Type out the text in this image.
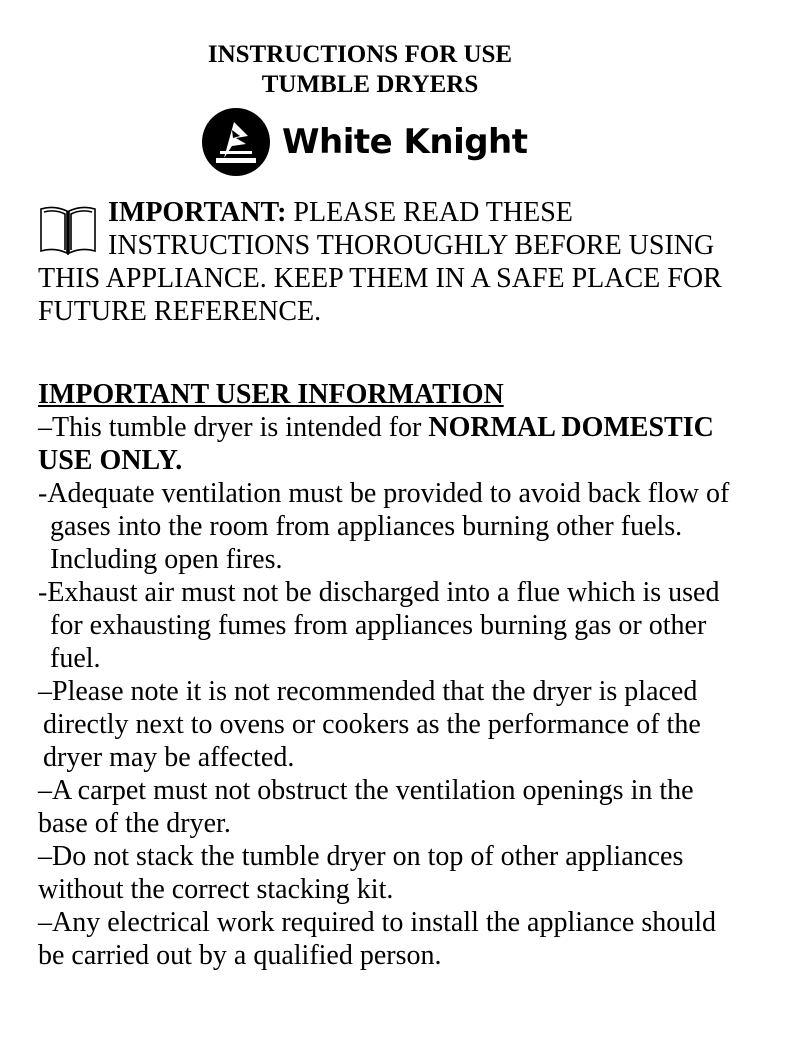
INSTRUCTIONS FOR USE
TUMBLE DRYERS
White Knight
IMPORTANT: PLEASE READ THESE
INSTRUCTIONS THOROUGHLY BEFORE USING
THIS APPLIANCE. KEEP THEM IN A SAFE PLACE FOR
FUTURE REFERENCE.
IMPORTANT USER INFORMATION
–This tumble dryer is intended for NORMAL DOMESTIC
USE ONLY.
-Adequate ventilation must be provided to avoid back flow of
gases into the room from appliances burning other fuels.
Including open fires.
-Exhaust air must not be discharged into a flue which is used
for exhausting fumes from appliances burning gas or other
fuel.
–Please note it is not recommended that the dryer is placed
directly next to ovens or cookers as the performance of the
dryer may be affected.
–A carpet must not obstruct the ventilation openings in the
base of the dryer.
–Do not stack the tumble dryer on top of other appliances
without the correct stacking kit.
–Any electrical work required to install the appliance should
be carried out by a qualified person.
